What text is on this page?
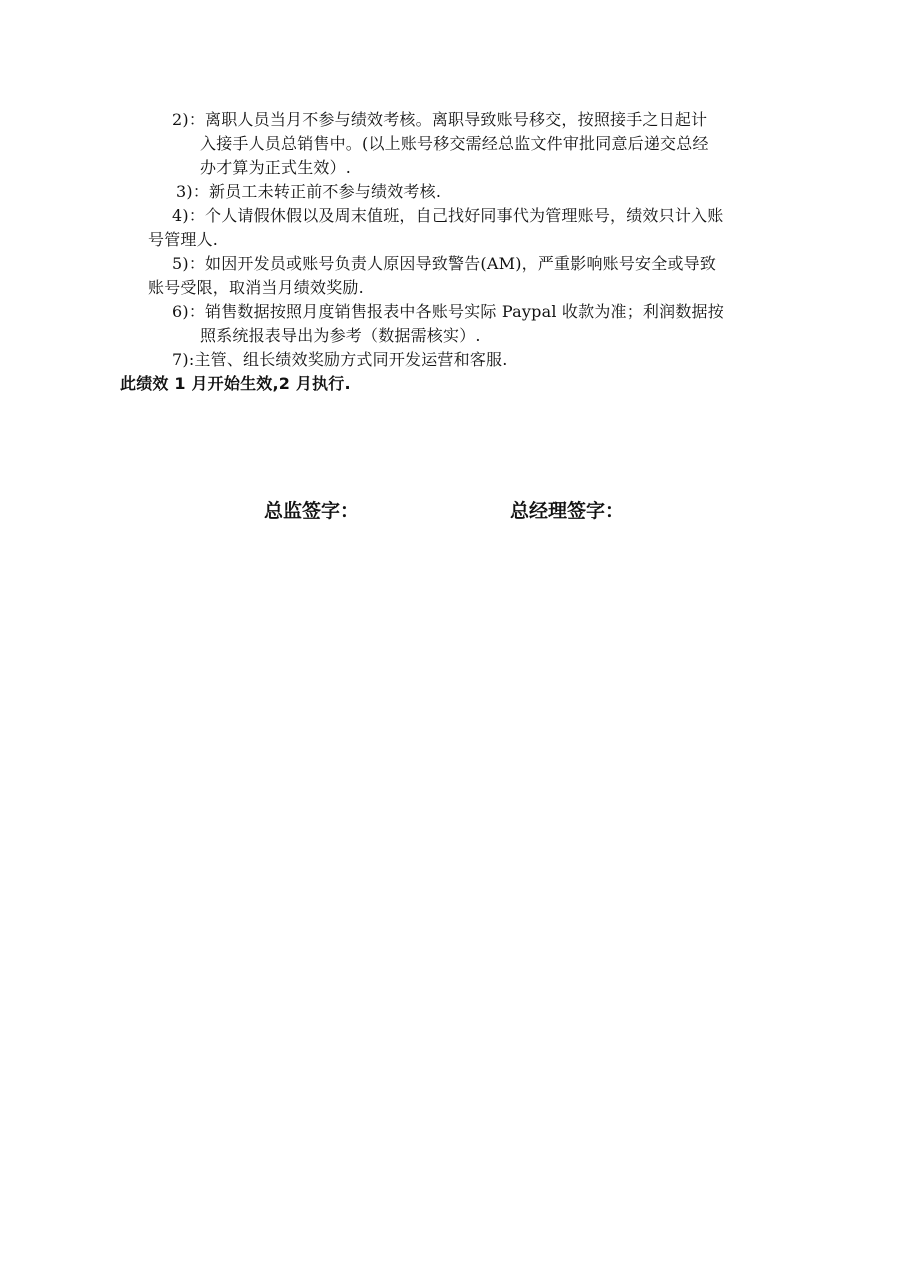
2)：离职人员当月不参与绩效考核。离职导致账号移交，按照接手之日起计
入接手人员总销售中。(以上账号移交需经总监文件审批同意后递交总经
办才算为正式生效）.
3)：新员工未转正前不参与绩效考核.
4)：个人请假休假以及周末值班，自己找好同事代为管理账号，绩效只计入账
号管理人.
5)：如因开发员或账号负责人原因导致警告(AM)，严重影响账号安全或导致
账号受限，取消当月绩效奖励.
6)：销售数据按照月度销售报表中各账号实际 Paypal 收款为准；利润数据按
照系统报表导出为参考（数据需核实）.
7):主管、组长绩效奖励方式同开发运营和客服.
此绩效 1 月开始生效,2 月执行.
总监签字：	总经理签字：
